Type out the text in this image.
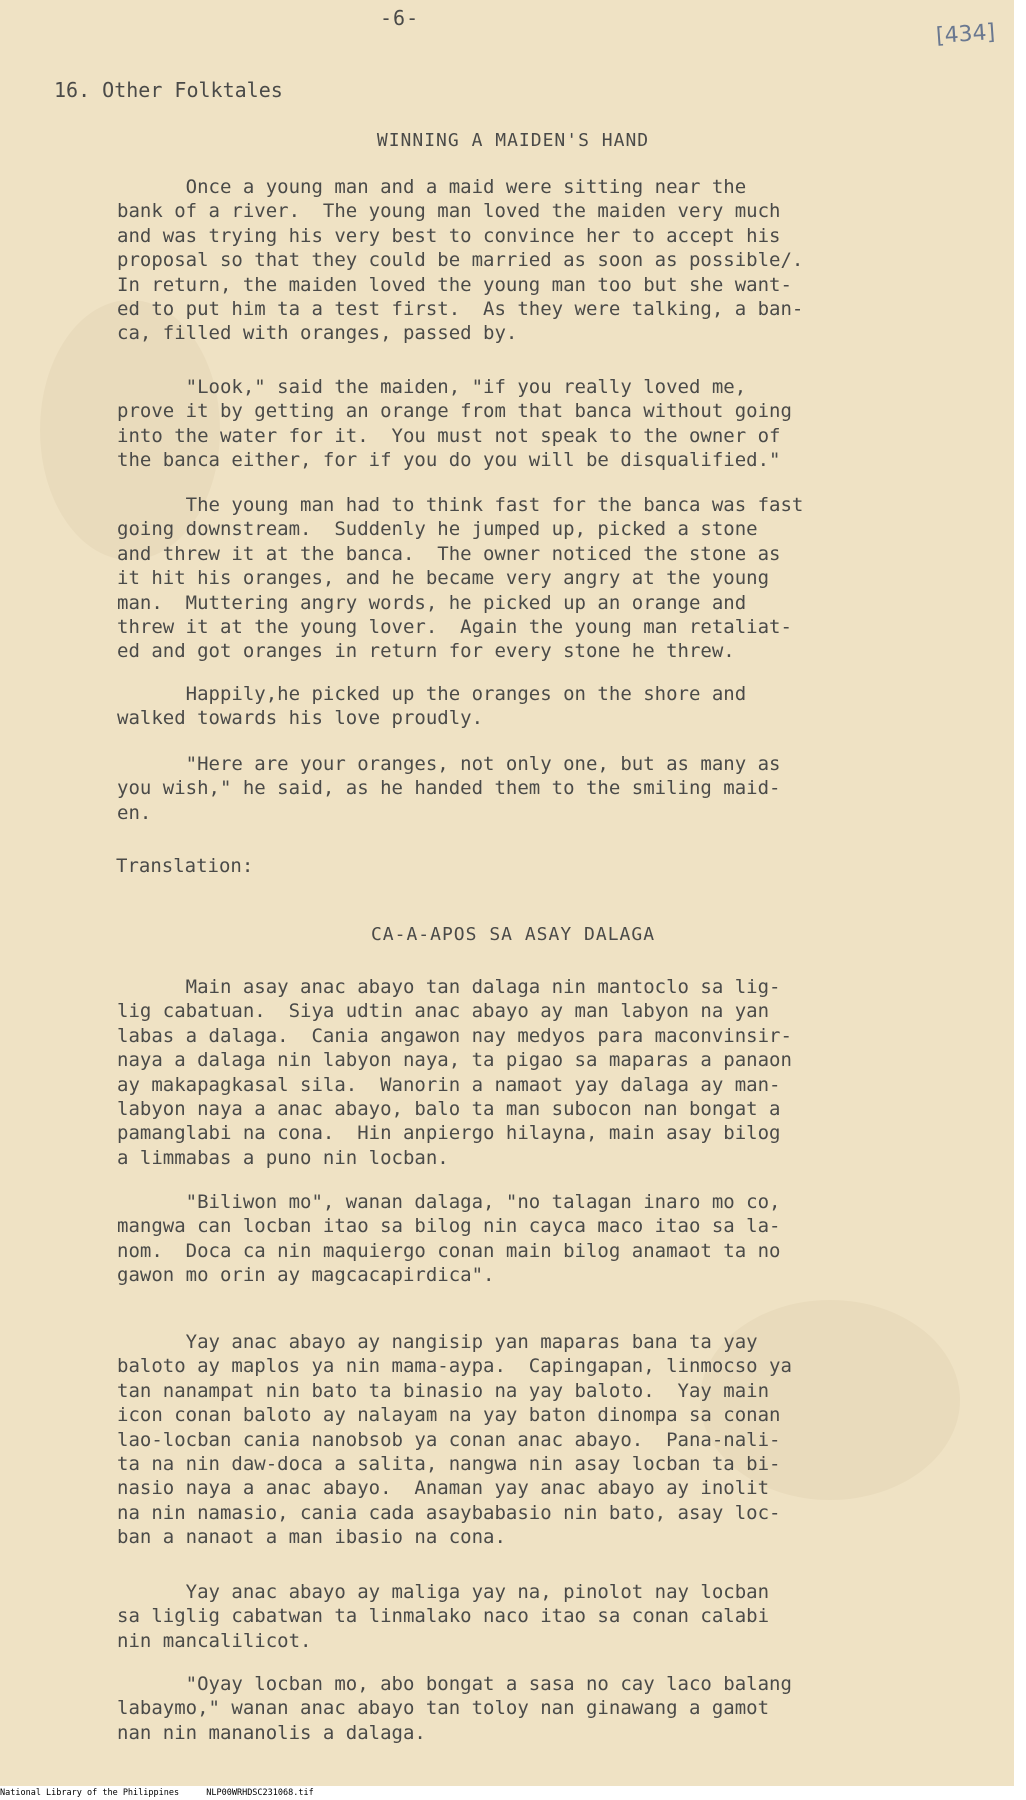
-6-
[434]
16. Other Folktales
WINNING A MAIDEN'S HAND
Once a young man and a maid were sitting near the
bank of a river.  The young man loved the maiden very much
and was trying his very best to convince her to accept his
proposal so that they could be married as soon as possible/.
In return, the maiden loved the young man too but she want-
ed to put him ta a test first.  As they were talking, a ban-
ca, filled with oranges, passed by.
"Look," said the maiden, "if you really loved me,
prove it by getting an orange from that banca without going
into the water for it.  You must not speak to the owner of
the banca either, for if you do you will be disqualified."
The young man had to think fast for the banca was fast
going downstream.  Suddenly he jumped up, picked a stone
and threw it at the banca.  The owner noticed the stone as
it hit his oranges, and he became very angry at the young
man.  Muttering angry words, he picked up an orange and
threw it at the young lover.  Again the young man retaliat-
ed and got oranges in return for every stone he threw.
Happily,he picked up the oranges on the shore and
walked towards his love proudly.
"Here are your oranges, not only one, but as many as
you wish," he said, as he handed them to the smiling maid-
en.
Translation:
CA-A-APOS SA ASAY DALAGA
Main asay anac abayo tan dalaga nin mantoclo sa lig-
lig cabatuan.  Siya udtin anac abayo ay man labyon na yan
labas a dalaga.  Cania angawon nay medyos para maconvinsir-
naya a dalaga nin labyon naya, ta pigao sa maparas a panaon
ay makapagkasal sila.  Wanorin a namaot yay dalaga ay man-
labyon naya a anac abayo, balo ta man subocon nan bongat a
pamanglabi na cona.  Hin anpiergo hilayna, main asay bilog
a limmabas a puno nin locban.
"Biliwon mo", wanan dalaga, "no talagan inaro mo co,
mangwa can locban itao sa bilog nin cayca maco itao sa la-
nom.  Doca ca nin maquiergo conan main bilog anamaot ta no
gawon mo orin ay magcacapirdica".
Yay anac abayo ay nangisip yan maparas bana ta yay
baloto ay maplos ya nin mama-aypa.  Capingapan, linmocso ya
tan nanampat nin bato ta binasio na yay baloto.  Yay main
icon conan baloto ay nalayam na yay baton dinompa sa conan
lao-locban cania nanobsob ya conan anac abayo.  Pana-nali-
ta na nin daw-doca a salita, nangwa nin asay locban ta bi-
nasio naya a anac abayo.  Anaman yay anac abayo ay inolit
na nin namasio, cania cada asaybabasio nin bato, asay loc-
ban a nanaot a man ibasio na cona.
Yay anac abayo ay maliga yay na, pinolot nay locban
sa liglig cabatwan ta linmalako naco itao sa conan calabi
nin mancalilicot.
"Oyay locban mo, abo bongat a sasa no cay laco balang
labaymo," wanan anac abayo tan toloy nan ginawang a gamot
nan nin mananolis a dalaga.
National Library of the Philippines	NLP00WRHDSC231068.tif
